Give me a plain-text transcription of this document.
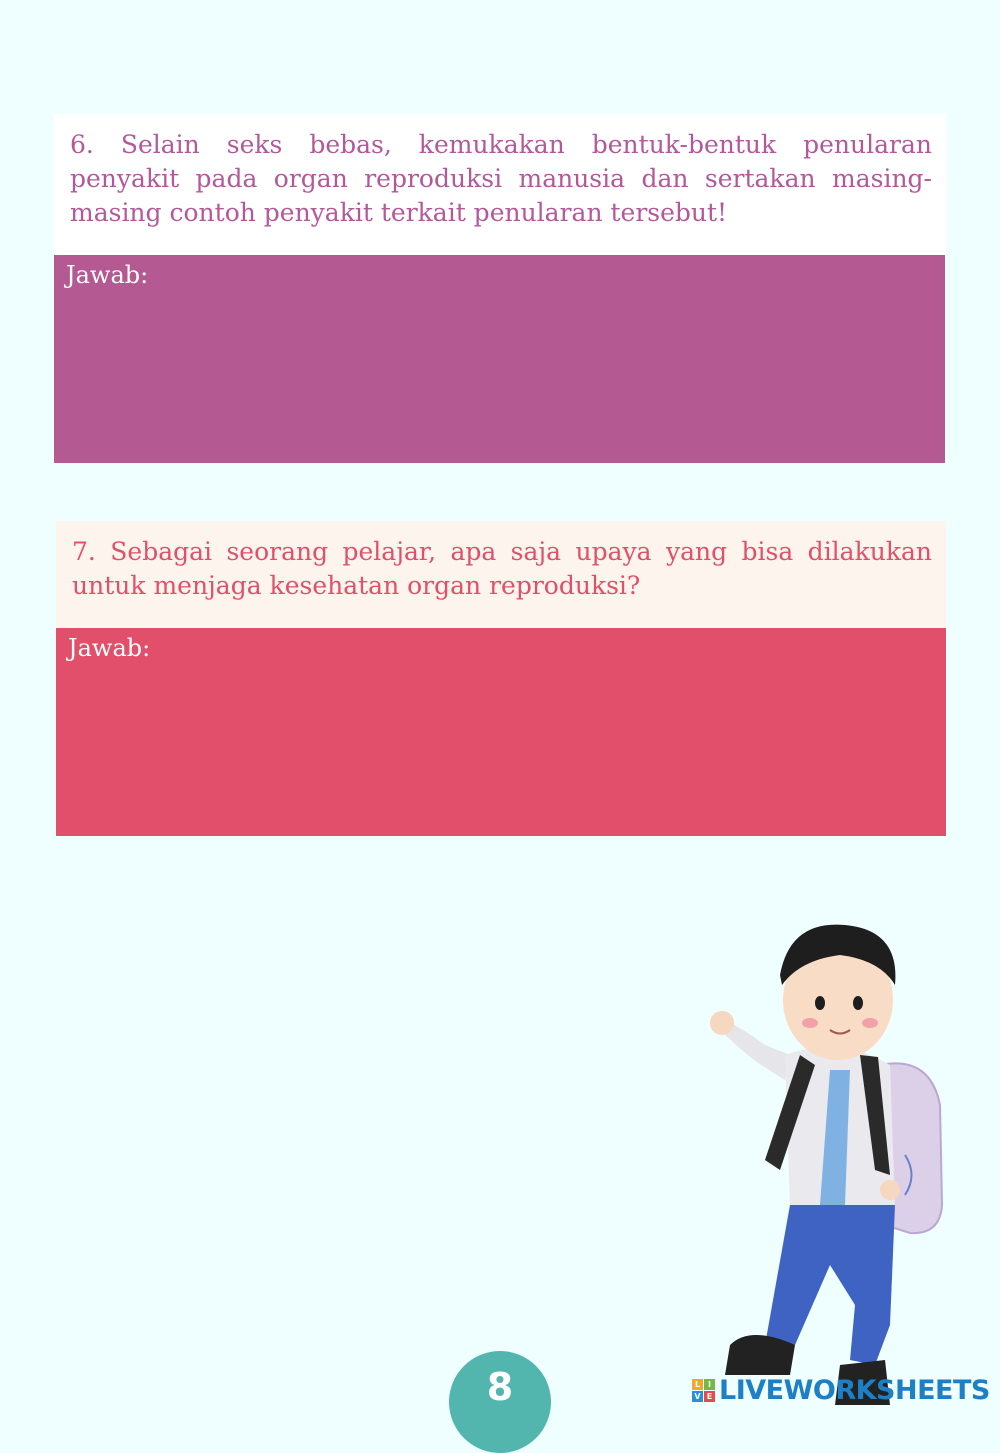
6. Selain seks bebas, kemukakan bentuk-bentuk penularan penyakit pada organ reproduksi manusia dan sertakan masing-masing contoh penyakit terkait penularan tersebut!
Jawab:
7. Sebagai seorang pelajar, apa saja upaya yang bisa dilakukan untuk menjaga kesehatan organ reproduksi?
Jawab:
8	L I
V E LIVEWORKSHEETS
